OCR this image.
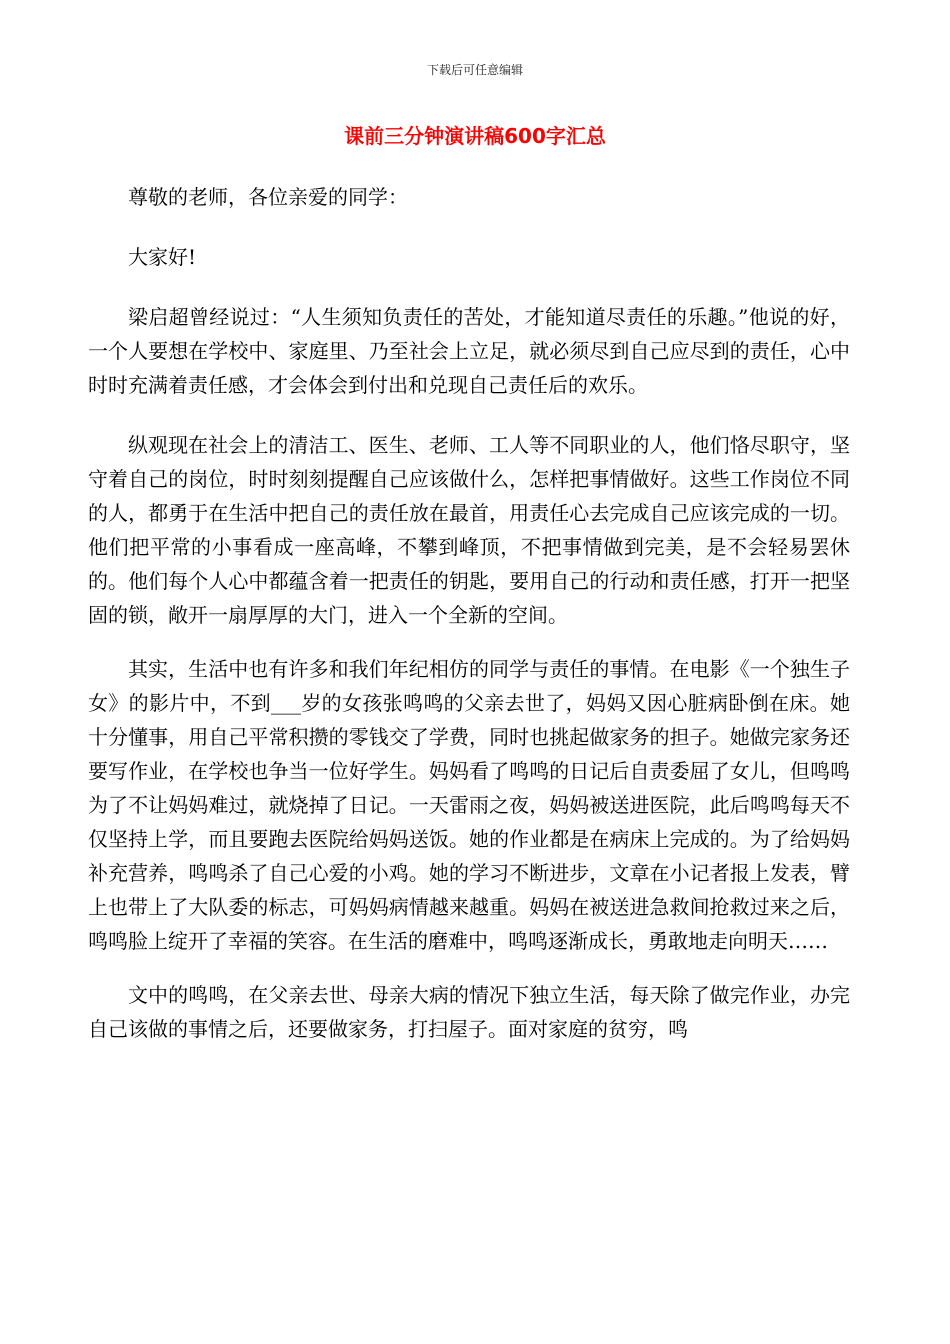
下载后可任意编辑
课前三分钟演讲稿600字汇总

尊敬的老师，各位亲爱的同学：

大家好!

梁启超曾经说过：“人生须知负责任的苦处，才能知道尽责任的乐趣。”他说的好，一个人要想在学校中、家庭里、乃至社会上立足，就必须尽到自己应尽到的责任，心中时时充满着责任感，才会体会到付出和兑现自己责任后的欢乐。

纵观现在社会上的清洁工、医生、老师、工人等不同职业的人，他们恪尽职守，坚守着自己的岗位，时时刻刻提醒自己应该做什么，怎样把事情做好。这些工作岗位不同的人，都勇于在生活中把自己的责任放在最首，用责任心去完成自己应该完成的一切。他们把平常的小事看成一座高峰，不攀到峰顶，不把事情做到完美，是不会轻易罢休的。他们每个人心中都蕴含着一把责任的钥匙，要用自己的行动和责任感，打开一把坚固的锁，敞开一扇厚厚的大门，进入一个全新的空间。

其实，生活中也有许多和我们年纪相仿的同学与责任的事情。在电影《一个独生子女》的影片中，不到___岁的女孩张鸣鸣的父亲去世了，妈妈又因心脏病卧倒在床。她十分懂事，用自己平常积攒的零钱交了学费，同时也挑起做家务的担子。她做完家务还要写作业，在学校也争当一位好学生。妈妈看了鸣鸣的日记后自责委屈了女儿，但鸣鸣为了不让妈妈难过，就烧掉了日记。一天雷雨之夜，妈妈被送进医院，此后鸣鸣每天不仅坚持上学，而且要跑去医院给妈妈送饭。她的作业都是在病床上完成的。为了给妈妈补充营养，鸣鸣杀了自己心爱的小鸡。她的学习不断进步，文章在小记者报上发表，臂上也带上了大队委的标志，可妈妈病情越来越重。妈妈在被送进急救间抢救过来之后，鸣鸣脸上绽开了幸福的笑容。在生活的磨难中，鸣鸣逐渐成长，勇敢地走向明天……

文中的鸣鸣，在父亲去世、母亲大病的情况下独立生活，每天除了做完作业，办完自己该做的事情之后，还要做家务，打扫屋子。面对家庭的贫穷，鸣
